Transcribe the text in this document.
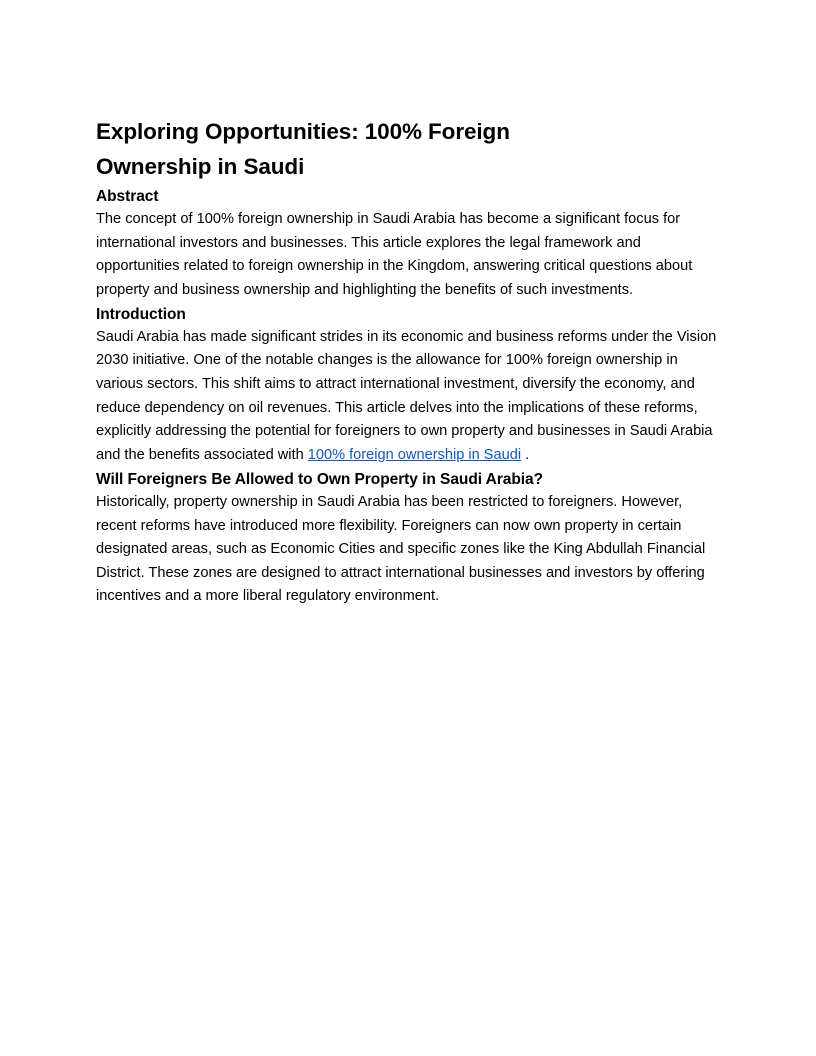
Exploring Opportunities: 100% Foreign Ownership in Saudi
Abstract

The concept of 100% foreign ownership in Saudi Arabia has become a significant focus for international investors and businesses. This article explores the legal framework and opportunities related to foreign ownership in the Kingdom, answering critical questions about property and business ownership and highlighting the benefits of such investments.

Introduction

Saudi Arabia has made significant strides in its economic and business reforms under the Vision 2030 initiative. One of the notable changes is the allowance for 100% foreign ownership in various sectors. This shift aims to attract international investment, diversify the economy, and reduce dependency on oil revenues. This article delves into the implications of these reforms, explicitly addressing the potential for foreigners to own property and businesses in Saudi Arabia and the benefits associated with 100% foreign ownership in Saudi .

Will Foreigners Be Allowed to Own Property in Saudi Arabia?

Historically, property ownership in Saudi Arabia has been restricted to foreigners. However, recent reforms have introduced more flexibility. Foreigners can now own property in certain designated areas, such as Economic Cities and specific zones like the King Abdullah Financial District. These zones are designed to attract international businesses and investors by offering incentives and a more liberal regulatory environment.
